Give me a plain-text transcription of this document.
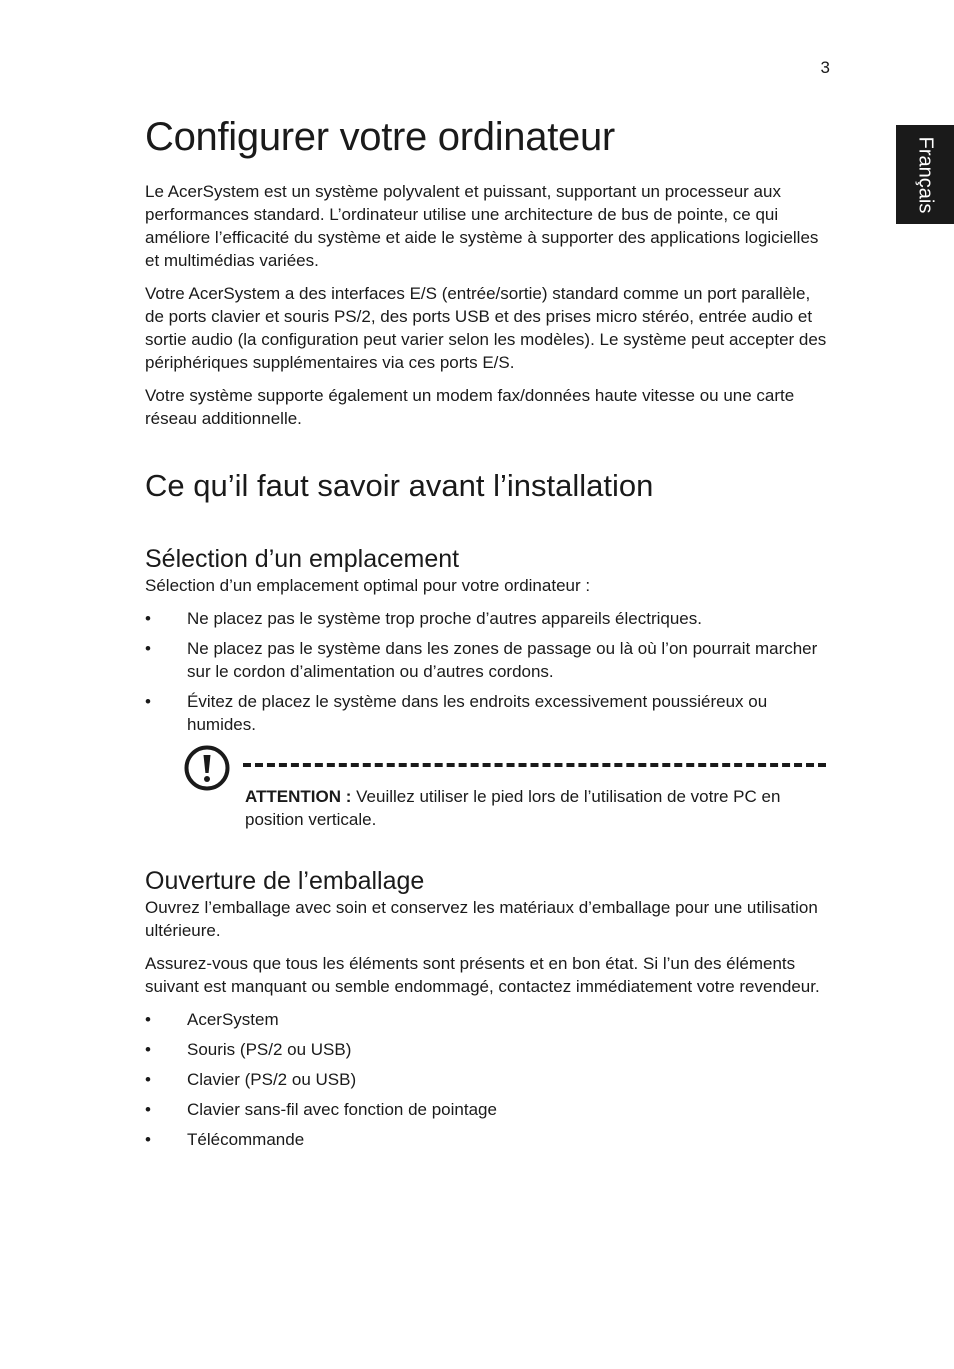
3
Français
Configurer votre ordinateur

Le AcerSystem est un système polyvalent et puissant, supportant un processeur aux performances standard. L’ordinateur utilise une architecture de bus de pointe, ce qui améliore l’efficacité du système et aide le système à supporter des applications logicielles et multimédias variées.

Votre AcerSystem a des interfaces E/S (entrée/sortie) standard comme un port parallèle, de ports clavier et souris PS/2, des ports USB et des prises micro stéréo, entrée audio et sortie audio (la configuration peut varier selon les modèles). Le système peut accepter des périphériques supplémentaires via ces ports E/S.

Votre système supporte également un modem fax/données haute vitesse ou une carte réseau additionnelle.

Ce qu’il faut savoir avant l’installation
Sélection d’un emplacement

Sélection d’un emplacement optimal pour votre ordinateur :

• Ne placez pas le système trop proche d’autres appareils électriques.
• Ne placez pas le système dans les zones de passage ou là où l’on pourrait marcher sur le cordon d’alimentation ou d’autres cordons.
• Évitez de placez le système dans les endroits excessivement poussiéreux ou humides.
ATTENTION : Veuillez utiliser le pied lors de l’utilisation de votre PC en position verticale.
Ouverture de l’emballage

Ouvrez l’emballage avec soin et conservez les matériaux d’emballage pour une utilisation ultérieure.

Assurez-vous que tous les éléments sont présents et en bon état. Si l’un des éléments suivant est manquant ou semble endommagé, contactez immédiatement votre revendeur.

• AcerSystem
• Souris (PS/2 ou USB)
• Clavier (PS/2 ou USB)
• Clavier sans-fil avec fonction de pointage
• Télécommande
